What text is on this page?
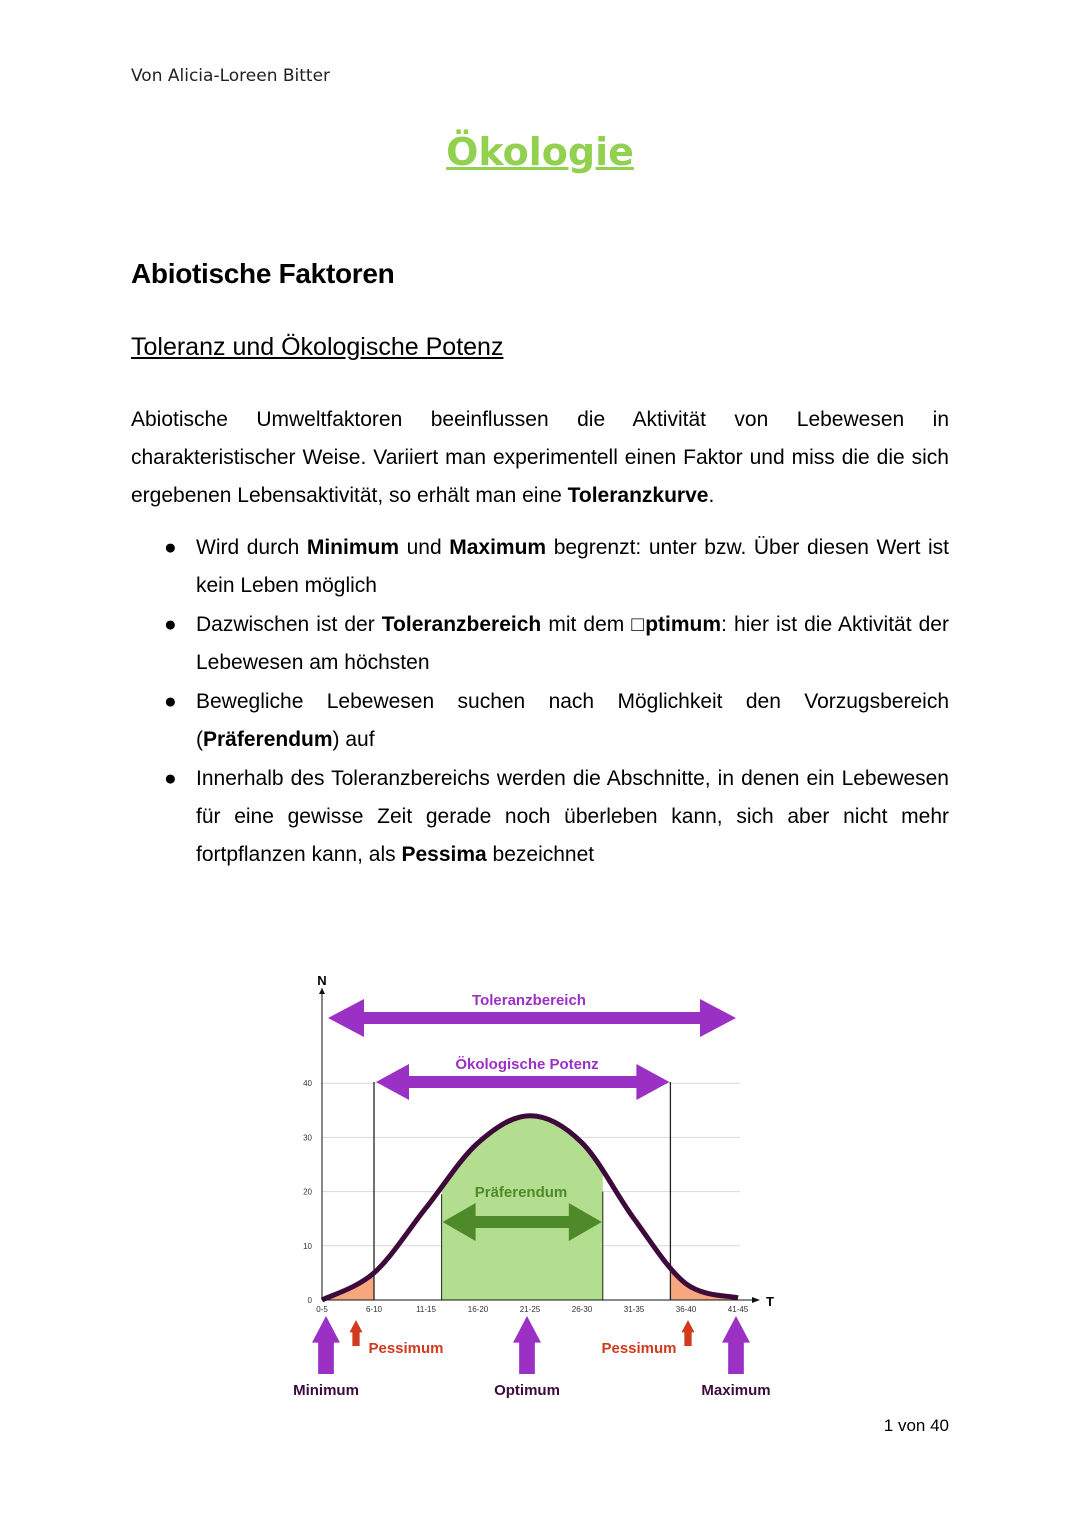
Von Alicia-Loreen Bitter
Ökologie
Abiotische Faktoren
Toleranz und Ökologische Potenz

Abiotische Umweltfaktoren beeinflussen die Aktivität von Lebewesen in charakteristischer Weise. Variiert man experimentell einen Faktor und miss die die sich ergebenen Lebensaktivität, so erhält man eine Toleranzkurve.

● Wird durch Minimum und Maximum begrenzt: unter bzw. Über diesen Wert ist kein Leben möglich
● Dazwischen ist der Toleranzbereich mit dem □ptimum: hier ist die Aktivität der Lebewesen am höchsten
● Bewegliche Lebewesen suchen nach Möglichkeit den Vorzugsbereich (Präferendum) auf
● Innerhalb des Toleranzbereichs werden die Abschnitte, in denen ein Lebewesen für eine gewisse Zeit gerade noch überleben kann, sich aber nicht mehr fortpflanzen kann, als Pessima bezeichnet
0
10
20
30
40
N
T
0-5	6-10	11-15	16-20	21-25	26-30	31-35	36-40	41-45
Toleranzbereich
Ökologische Potenz
Präferendum
Minimum
Pessimum
Optimum
Pessimum
Maximum
1 von 40
